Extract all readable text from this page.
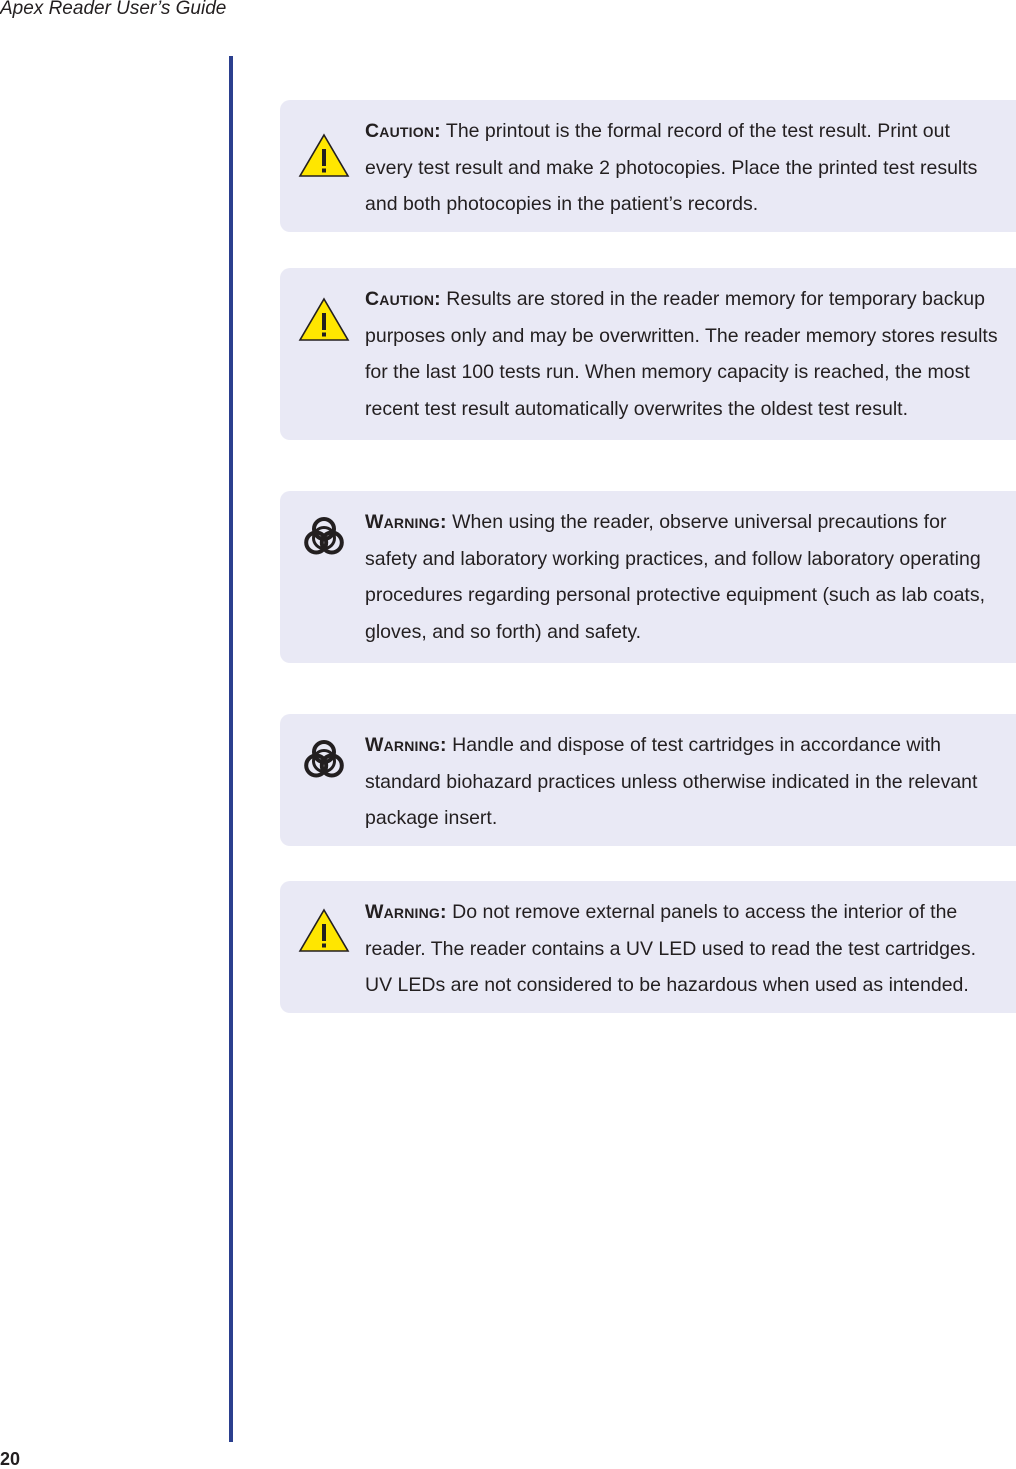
Apex Reader User’s Guide

Caution: The printout is the formal record of the test result. Print out
every test result and make 2 photocopies. Place the printed test results
and both photocopies in the patient’s records.

Caution: Results are stored in the reader memory for temporary backup
purposes only and may be overwritten. The reader memory stores results
for the last 100 tests run. When memory capacity is reached, the most
recent test result automatically overwrites the oldest test result.

Warning: When using the reader, observe universal precautions for
safety and laboratory working practices, and follow laboratory operating
procedures regarding personal protective equipment (such as lab coats,
gloves, and so forth) and safety.

Warning: Handle and dispose of test cartridges in accordance with
standard biohazard practices unless otherwise indicated in the relevant
package insert.

Warning: Do not remove external panels to access the interior of the
reader. The reader contains a UV LED used to read the test cartridges.
UV LEDs are not considered to be hazardous when used as intended.

20
